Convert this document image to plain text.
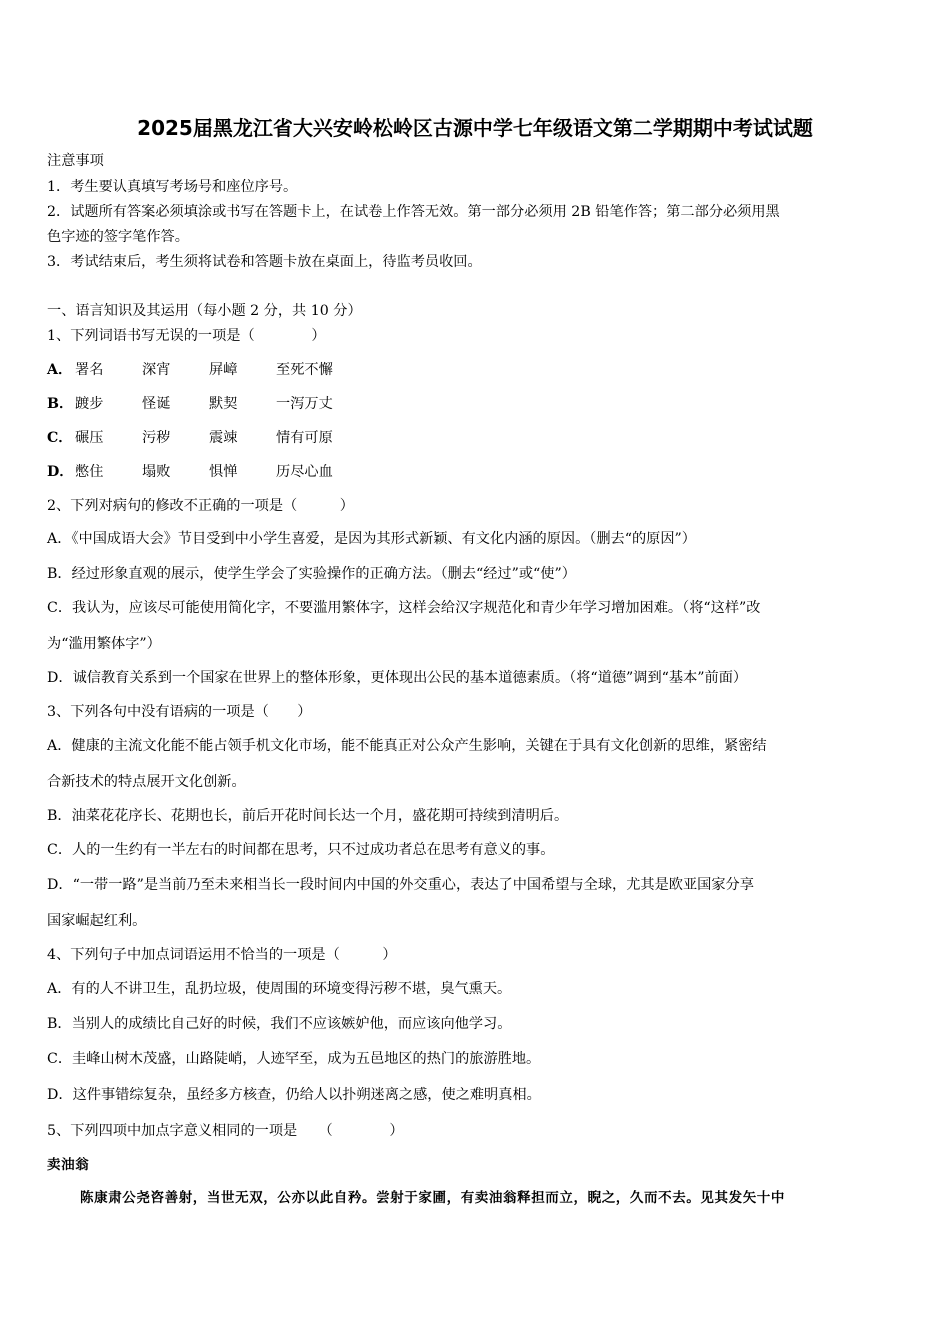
2025届黑龙江省大兴安岭松岭区古源中学七年级语文第二学期期中考试试题
注意事项
1．考生要认真填写考场号和座位序号。
2．试题所有答案必须填涂或书写在答题卡上，在试卷上作答无效。第一部分必须用 2B 铅笔作答；第二部分必须用黑
色字迹的签字笔作答。
3．考试结束后，考生须将试卷和答题卡放在桌面上，待监考员收回。
一、语言知识及其运用（每小题 2 分，共 10 分）
1、下列词语书写无误的一项是（　　　　）
A． 署名	深宵	屏嶂	至死不懈
B． 踱步	怪诞	默契	一泻万丈
C． 碾压	污秽	震竦	情有可原
D． 憋住	塌败	惧惮	历尽心血
2、下列对病句的修改不正确的一项是（　　　）
A．《中国成语大会》节目受到中小学生喜爱，是因为其形式新颖、有文化内涵的原因。（删去“的原因”）
B．经过形象直观的展示，使学生学会了实验操作的正确方法。（删去“经过”或“使”）
C．我认为，应该尽可能使用简化字，不要滥用繁体字，这样会给汉字规范化和青少年学习增加困难。（将“这样”改
为“滥用繁体字”）
D．诚信教育关系到一个国家在世界上的整体形象，更体现出公民的基本道德素质。（将“道德”调到“基本”前面）
3、下列各句中没有语病的一项是（　　）
A．健康的主流文化能不能占领手机文化市场，能不能真正对公众产生影响，关键在于具有文化创新的思维，紧密结
合新技术的特点展开文化创新。
B．油菜花花序长、花期也长，前后开花时间长达一个月，盛花期可持续到清明后。
C．人的一生约有一半左右的时间都在思考，只不过成功者总在思考有意义的事。
D．“一带一路”是当前乃至未来相当长一段时间内中国的外交重心，表达了中国希望与全球，尤其是欧亚国家分享
国家崛起红利。
4、下列句子中加点词语运用不恰当的一项是（　　　）
A．有的人不讲卫生，乱扔垃圾，使周围的环境变得污秽不堪，臭气熏天。
B．当别人的成绩比自己好的时候，我们不应该嫉妒他，而应该向他学习。
C．圭峰山树木茂盛，山路陡峭，人迹罕至，成为五邑地区的热门的旅游胜地。
D．这件事错综复杂，虽经多方核查，仍给人以扑朔迷离之感，使之难明真相。
5、下列四项中加点字意义相同的一项是　　（　　　　）
卖油翁
陈康肃公尧咨善射，当世无双，公亦以此自矜。尝射于家圃，有卖油翁释担而立，睨之，久而不去。见其发矢十中
